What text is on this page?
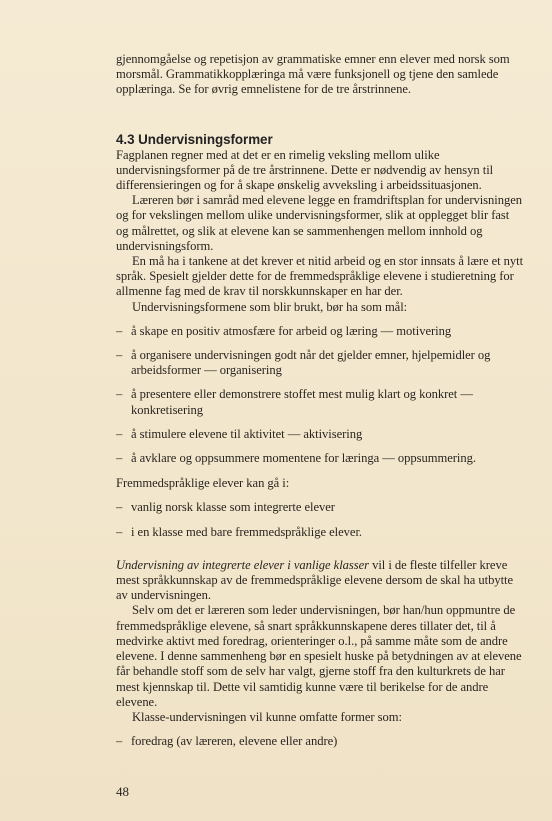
gjennomgåelse og repetisjon av grammatiske emner enn elever med norsk som morsmål. Grammatikkopplæringa må være funksjonell og tjene den samlede opplæringa. Se for øvrig emnelistene for de tre årstrinnene.

4.3 Undervisningsformer

Fagplanen regner med at det er en rimelig veksling mellom ulike undervisningsformer på de tre årstrinnene. Dette er nødvendig av hensyn til differensieringen og for å skape ønskelig avveksling i arbeidssituasjonen.

Læreren bør i samråd med elevene legge en framdriftsplan for undervisningen og for vekslingen mellom ulike undervisningsformer, slik at opplegget blir fast og målrettet, og slik at elevene kan se sammenhengen mellom innhold og undervisningsform.

En må ha i tankene at det krever et nitid arbeid og en stor innsats å lære et nytt språk. Spesielt gjelder dette for de fremmedspråklige elevene i studieretning for allmenne fag med de krav til norskkunnskaper en har der.

Undervisningsformene som blir brukt, bør ha som mål:

– å skape en positiv atmosfære for arbeid og læring — motivering
– å organisere undervisningen godt når det gjelder emner, hjelpemidler og arbeidsformer — organisering
– å presentere eller demonstrere stoffet mest mulig klart og konkret — konkretisering
– å stimulere elevene til aktivitet — aktivisering
– å avklare og oppsummere momentene for læringa — oppsummering.

Fremmedspråklige elever kan gå i:

– vanlig norsk klasse som integrerte elever
– i en klasse med bare fremmedspråklige elever.

Undervisning av integrerte elever i vanlige klasser vil i de fleste tilfeller kreve mest språkkunnskap av de fremmedspråklige elevene dersom de skal ha utbytte av undervisningen.

Selv om det er læreren som leder undervisningen, bør han/hun oppmuntre de fremmedspråklige elevene, så snart språkkunnskapene deres tillater det, til å medvirke aktivt med foredrag, orienteringer o.l., på samme måte som de andre elevene. I denne sammenheng bør en spesielt huske på betydningen av at elevene får behandle stoff som de selv har valgt, gjerne stoff fra den kulturkrets de har mest kjennskap til. Dette vil samtidig kunne være til berikelse for de andre elevene.

Klasse-undervisningen vil kunne omfatte former som:

– foredrag (av læreren, elevene eller andre)
48
